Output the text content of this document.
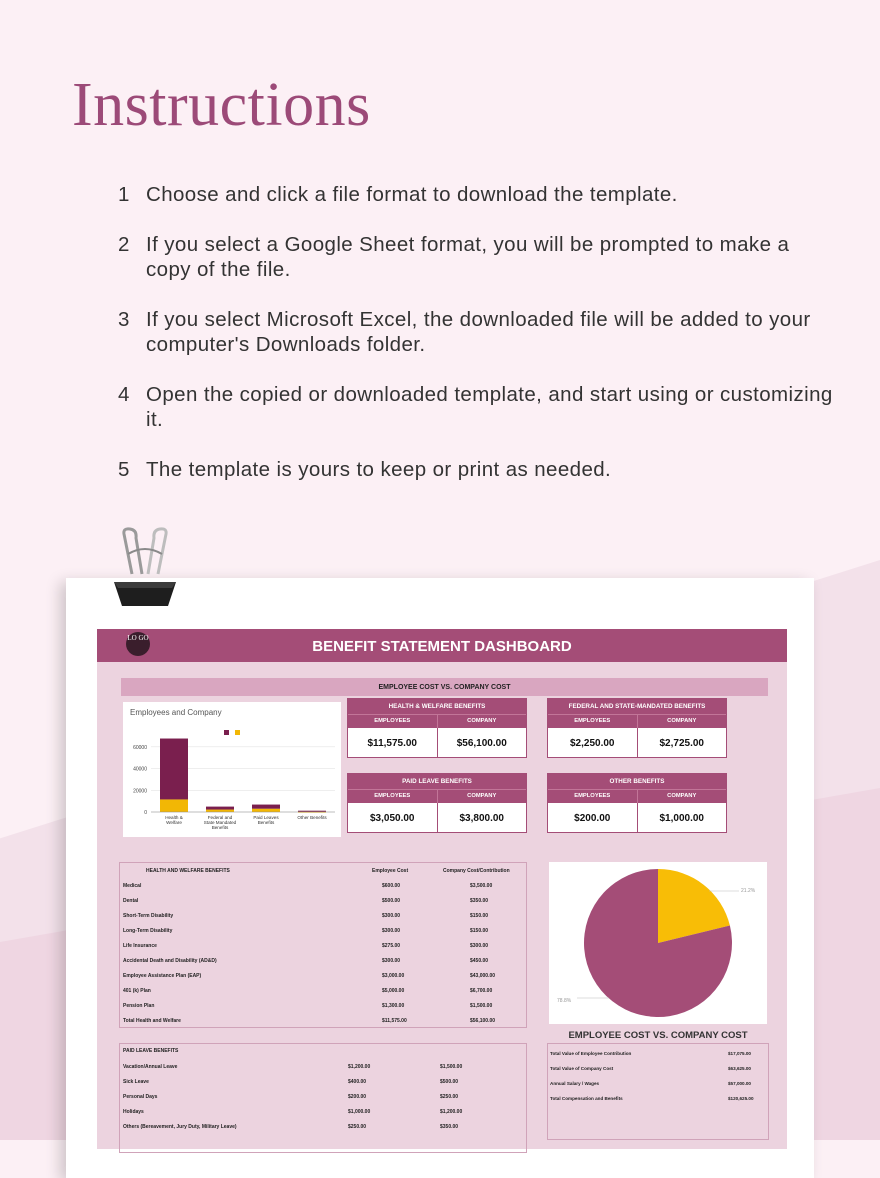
Instructions
1 Choose and click a file format to download the template.
2 If you select a Google Sheet format, you will be prompted to make a copy of the file.
3 If you select Microsoft Excel, the downloaded file will be added to your computer's Downloads folder.
4 Open the copied or downloaded template, and start using or customizing it.
5 The template is yours to keep or print as needed.
BENEFIT STATEMENT DASHBOARD
LO GO
EMPLOYEE COST VS. COMPANY COST
Employees and Company
0
20000
40000
60000
Health &
Welfare
Federal and
State Mandated
Benefits
Paid Leaves
Benefits
Other Benefits
HEALTH & WELFARE BENEFITS
EMPLOYEES	COMPANY
$11,575.00	$56,100.00
FEDERAL AND STATE-MANDATED BENEFITS
EMPLOYEES	COMPANY
$2,250.00	$2,725.00
PAID LEAVE BENEFITS
EMPLOYEES	COMPANY
$3,050.00	$3,800.00
OTHER BENEFITS
EMPLOYEES	COMPANY
$200.00	$1,000.00
HEALTH AND WELFARE BENEFITS	Employee Cost	Company Cost/Contribution
Medical	$600.00	$3,500.00
Dental	$500.00	$350.00
Short-Term Disability	$300.00	$150.00
Long-Term Disability	$300.00	$150.00
Life Insurance	$275.00	$300.00
Accidental Death and Disability (AD&D)	$300.00	$450.00
Employee Assistance Plan (EAP)	$3,000.00	$43,000.00
401 (k) Plan	$5,000.00	$6,700.00
Pension Plan	$1,300.00	$1,500.00
Total Health and Welfare	$11,575.00	$56,100.00
PAID LEAVE BENEFITS
Vacation/Annual Leave	$1,200.00	$1,500.00
Sick Leave	$400.00	$500.00
Personal Days	$200.00	$250.00
Holidays	$1,000.00	$1,200.00
Others (Bereavement, Jury Duty, Military Leave)	$250.00	$350.00
21.2%
78.8%
EMPLOYEE COST VS. COMPANY COST
Total Value of Employee Contribution	$17,075.00
Total Value of Company Cost	$63,625.00
Annual Salary / Wages	$57,000.00
Total Compensation and Benefits	$120,625.00
